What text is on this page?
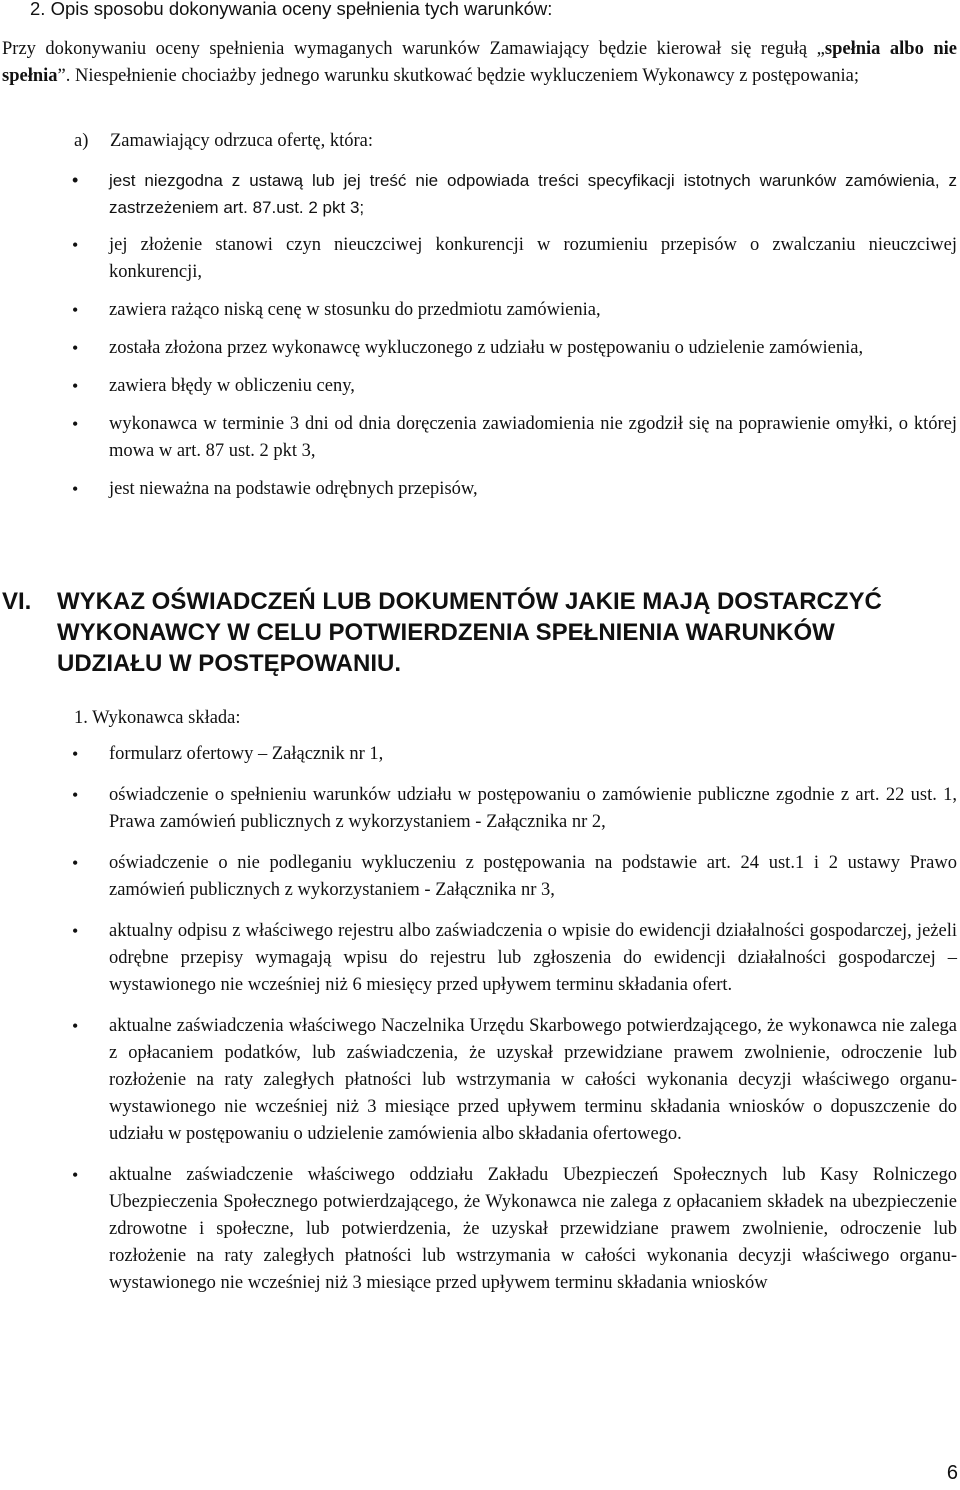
2. Opis sposobu dokonywania oceny spełnienia tych warunków:
Przy dokonywaniu oceny spełnienia wymaganych warunków Zamawiający będzie kierował się regułą „spełnia albo nie spełnia”. Niespełnienie chociażby jednego warunku skutkować będzie wykluczeniem Wykonawcy z postępowania;
a) Zamawiający odrzuca ofertę, która:
• jest niezgodna z ustawą lub jej treść nie odpowiada treści specyfikacji istotnych warunków zamówienia, z zastrzeżeniem art. 87.ust. 2 pkt 3;
• jej złożenie stanowi czyn nieuczciwej konkurencji w rozumieniu przepisów o zwalczaniu nieuczciwej konkurencji,
• zawiera rażąco niską cenę w stosunku do przedmiotu zamówienia,
• została złożona przez wykonawcę wykluczonego z udziału w postępowaniu o udzielenie zamówienia,
• zawiera błędy w obliczeniu ceny,
• wykonawca w terminie 3 dni od dnia doręczenia zawiadomienia nie zgodził się na poprawienie omyłki, o której mowa w art. 87 ust. 2 pkt 3,
• jest nieważna na podstawie odrębnych przepisów,
VI. WYKAZ OŚWIADCZEŃ LUB DOKUMENTÓW JAKIE MAJĄ DOSTARCZYĆ WYKONAWCY W CELU POTWIERDZENIA SPEŁNIENIA WARUNKÓW UDZIAŁU W POSTĘPOWANIU.
1. Wykonawca składa:
• formularz ofertowy – Załącznik nr 1,
• oświadczenie o spełnieniu warunków udziału w postępowaniu o zamówienie publiczne zgodnie z art. 22 ust. 1, Prawa zamówień publicznych z wykorzystaniem - Załącznika nr 2,
• oświadczenie o nie podleganiu wykluczeniu z postępowania na podstawie art. 24 ust.1 i 2 ustawy Prawo zamówień publicznych z wykorzystaniem - Załącznika nr 3,
• aktualny odpisu z właściwego rejestru albo zaświadczenia o wpisie do ewidencji działalności gospodarczej, jeżeli odrębne przepisy wymagają wpisu do rejestru lub zgłoszenia do ewidencji działalności gospodarczej – wystawionego nie wcześniej niż 6 miesięcy przed upływem terminu składania ofert.
• aktualne zaświadczenia właściwego Naczelnika Urzędu Skarbowego potwierdzającego, że wykonawca nie zalega z opłacaniem podatków, lub zaświadczenia, że uzyskał przewidziane prawem zwolnienie, odroczenie lub rozłożenie na raty zaległych płatności lub wstrzymania w całości wykonania decyzji właściwego organu-wystawionego nie wcześniej niż 3 miesiące przed upływem terminu składania wniosków o dopuszczenie do udziału w postępowaniu o udzielenie zamówienia albo składania ofertowego.
• aktualne zaświadczenie właściwego oddziału Zakładu Ubezpieczeń Społecznych lub Kasy Rolniczego Ubezpieczenia Społecznego potwierdzającego, że Wykonawca nie zalega z opłacaniem składek na ubezpieczenie zdrowotne i społeczne, lub potwierdzenia, że uzyskał przewidziane prawem zwolnienie, odroczenie lub rozłożenie na raty zaległych płatności lub wstrzymania w całości wykonania decyzji właściwego organu-wystawionego nie wcześniej niż 3 miesiące przed upływem terminu składania wniosków
6
